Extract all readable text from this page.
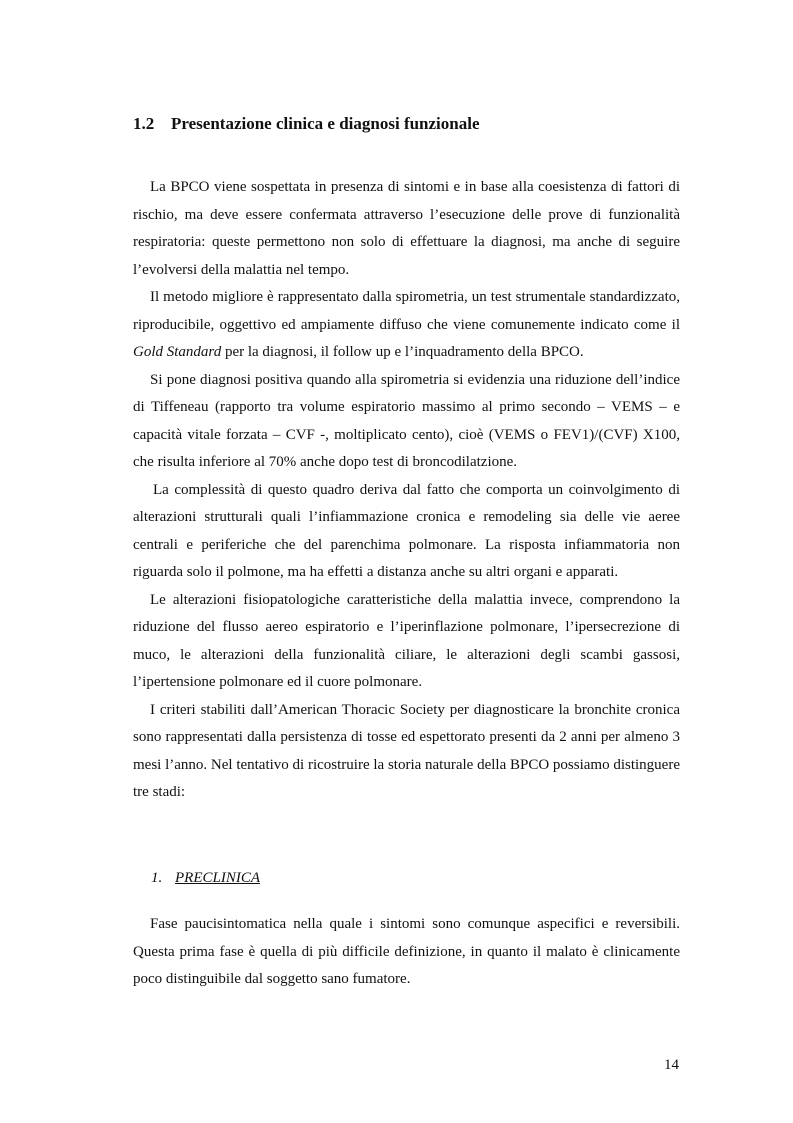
1.2 Presentazione clinica e diagnosi funzionale

La BPCO viene sospettata in presenza di sintomi e in base alla coesistenza di fattori di rischio, ma deve essere confermata attraverso l’esecuzione delle prove di funzionalità respiratoria: queste permettono non solo di effettuare la diagnosi, ma anche di seguire l’evolversi della malattia nel tempo.

Il metodo migliore è rappresentato dalla spirometria, un test strumentale standardizzato, riproducibile, oggettivo ed ampiamente diffuso che viene comunemente indicato come il Gold Standard per la diagnosi, il follow up e l’inquadramento della BPCO.

Si pone diagnosi positiva quando alla spirometria si evidenzia una riduzione dell’indice di Tiffeneau (rapporto tra volume espiratorio massimo al primo secondo – VEMS – e capacità vitale forzata – CVF -, moltiplicato cento), cioè (VEMS o FEV1)/(CVF) X100, che risulta inferiore al 70% anche dopo test di broncodilatzione.

La complessità di questo quadro deriva dal fatto che comporta un coinvolgimento di alterazioni strutturali quali l’infiammazione cronica e remodeling sia delle vie aeree centrali e periferiche che del parenchima polmonare. La risposta infiammatoria non riguarda solo il polmone, ma ha effetti a distanza anche su altri organi e apparati.

Le alterazioni fisiopatologiche caratteristiche della malattia invece, comprendono la riduzione del flusso aereo espiratorio e l’iperinflazione polmonare, l’ipersecrezione di muco, le alterazioni della funzionalità ciliare, le alterazioni degli scambi gassosi, l’ipertensione polmonare ed il cuore polmonare.

I criteri stabiliti dall’American Thoracic Society per diagnosticare la bronchite cronica sono rappresentati dalla persistenza di tosse ed espettorato presenti da 2 anni per almeno 3 mesi l’anno. Nel tentativo di ricostruire la storia naturale della BPCO possiamo distinguere tre stadi:

1. PRECLINICA

Fase paucisintomatica nella quale i sintomi sono comunque aspecifici e reversibili. Questa prima fase è quella di più difficile definizione, in quanto il malato è clinicamente poco distinguibile dal soggetto sano fumatore.

14
